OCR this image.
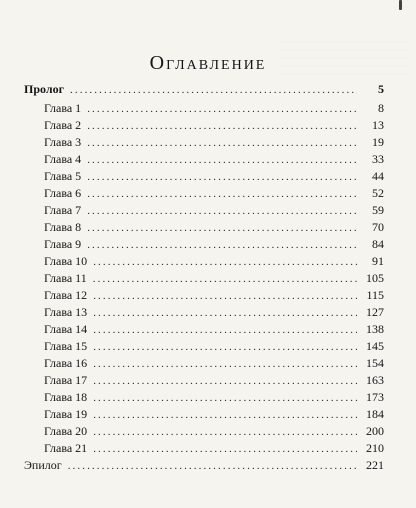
Оглавление
Пролог .....	5
Глава 1 .....	8
Глава 2 .....	13
Глава 3 .....	19
Глава 4 .....	33
Глава 5 .....	44
Глава 6 .....	52
Глава 7 .....	59
Глава 8 .....	70
Глава 9 .....	84
Глава 10 .....	91
Глава 11 .....	105
Глава 12 .....	115
Глава 13 .....	127
Глава 14 .....	138
Глава 15 .....	145
Глава 16 .....	154
Глава 17 .....	163
Глава 18 .....	173
Глава 19 .....	184
Глава 20 .....	200
Глава 21 .....	210
Эпилог .....	221
